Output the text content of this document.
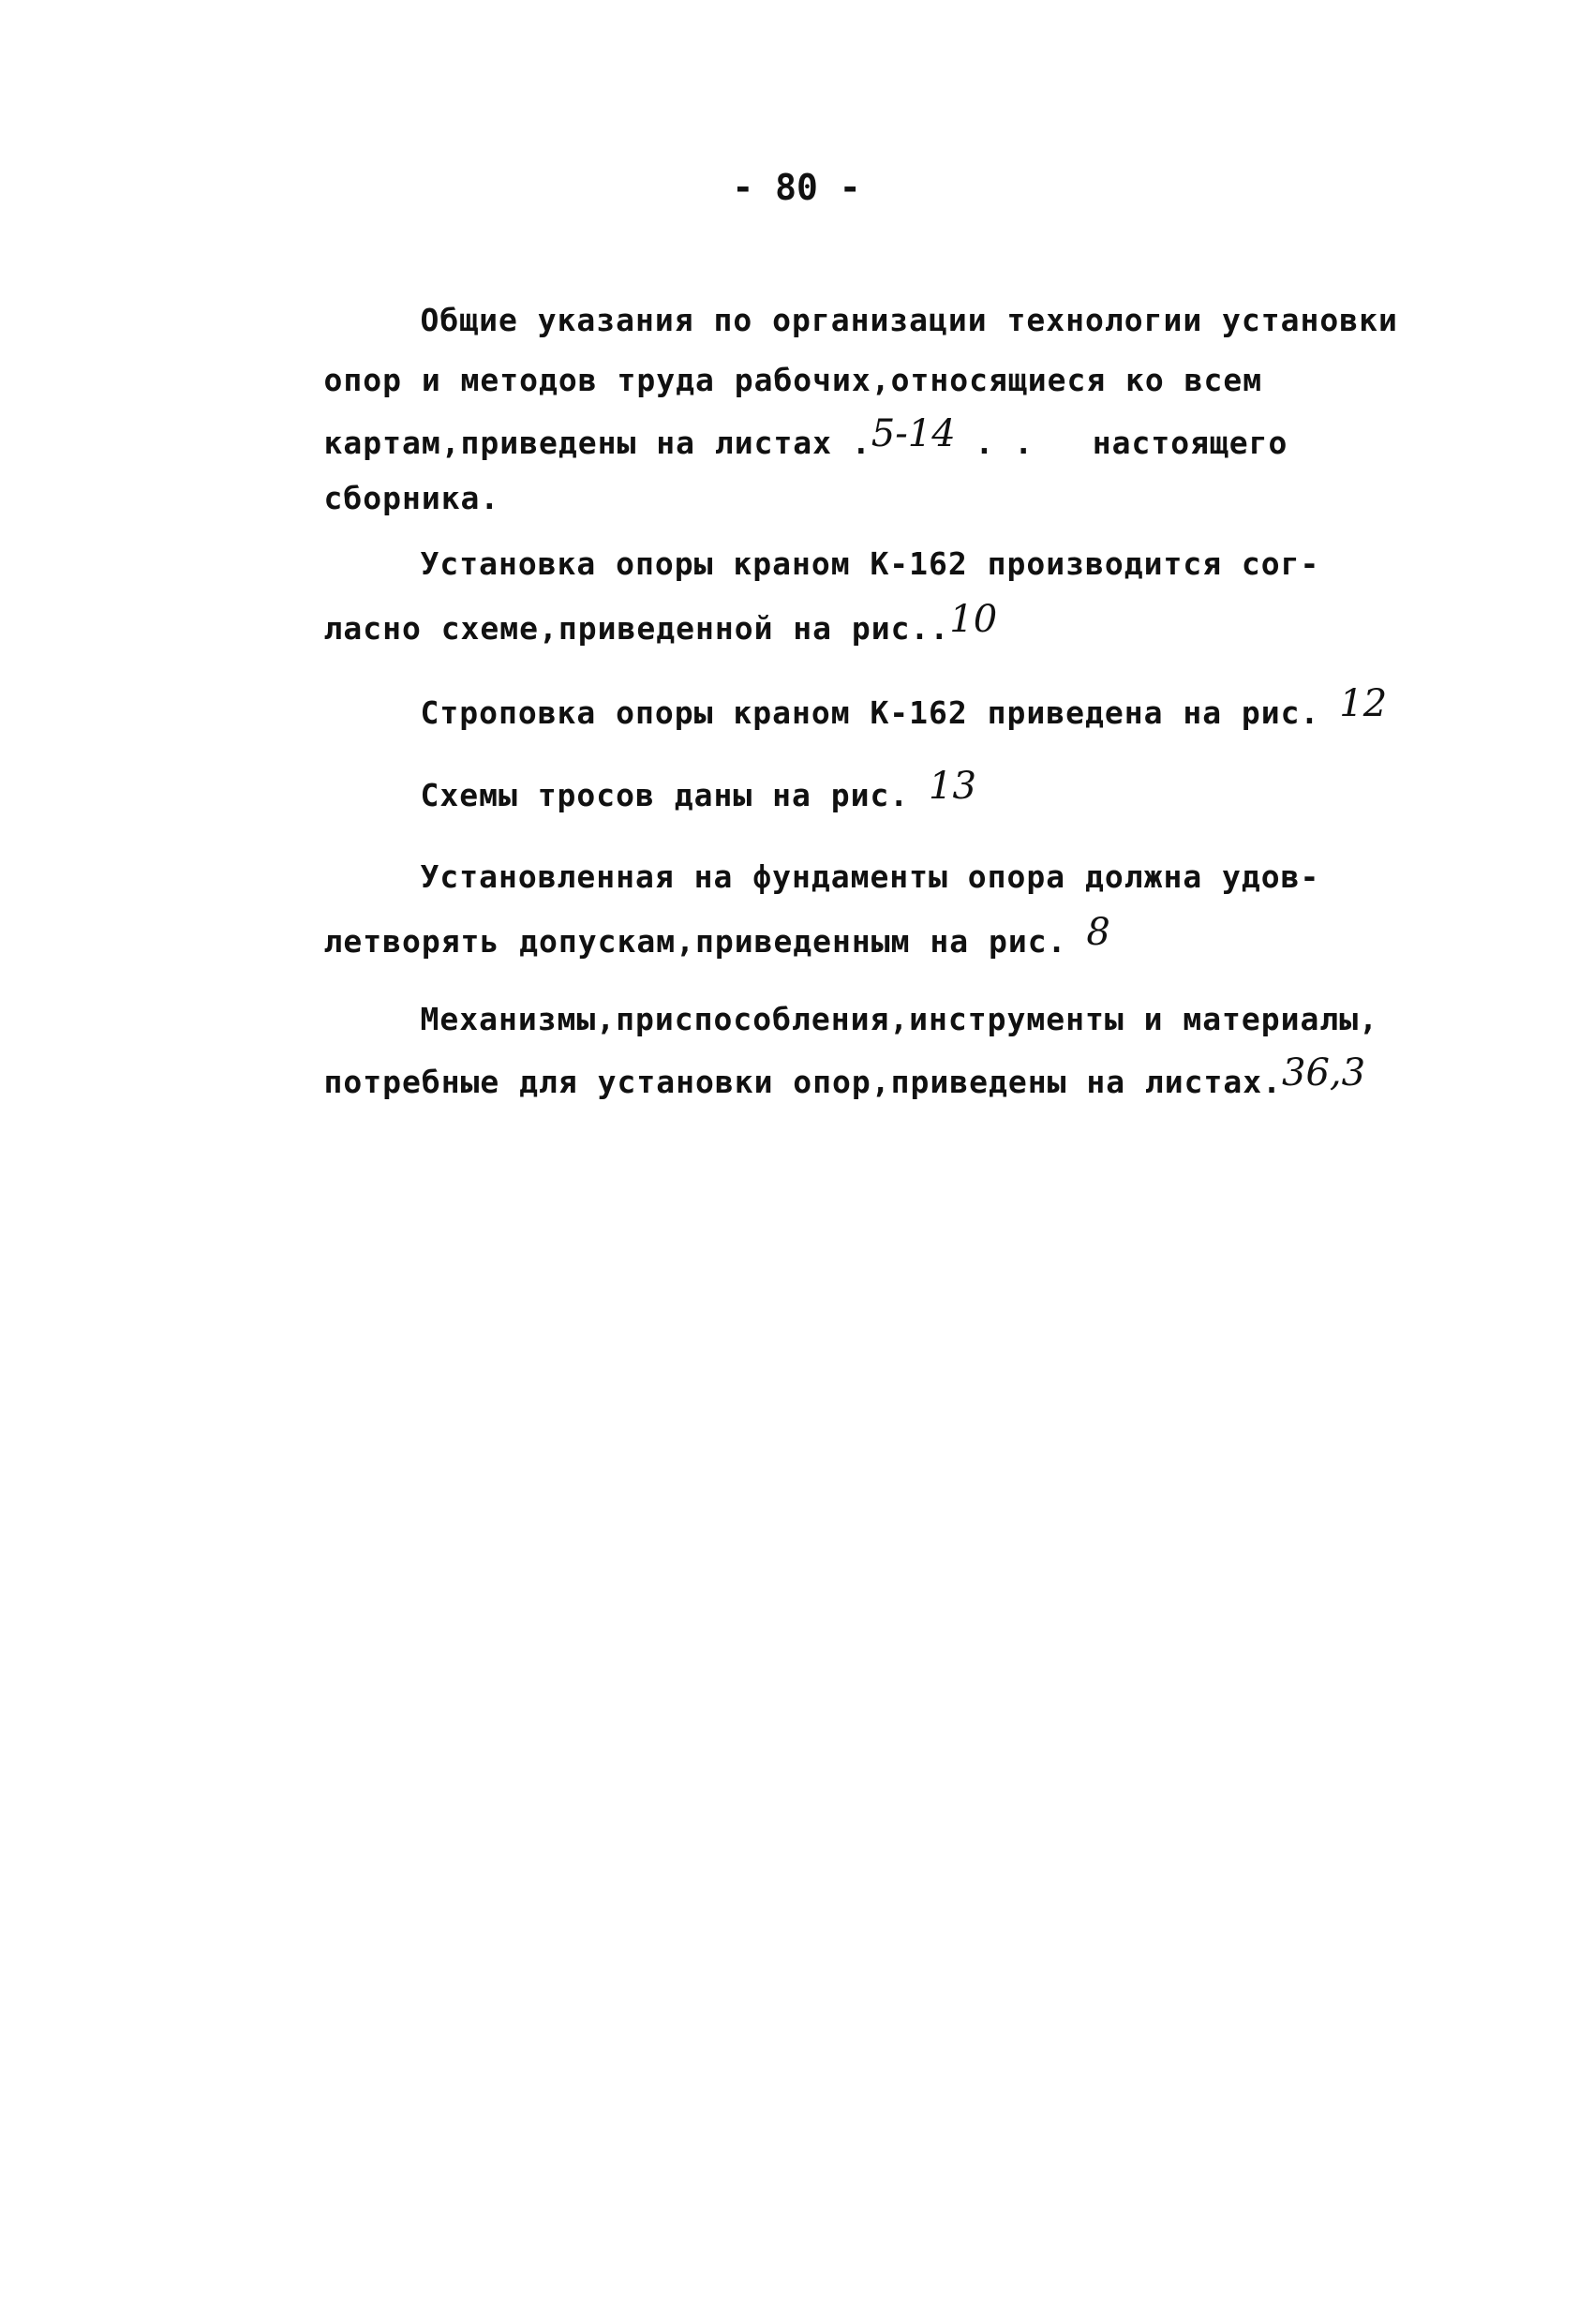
- 80 -

Общие указания по организации технологии установки

опор и методов труда рабочих,относящиеся ко всем

картам,приведены на листах .5-14 . .   настоящего

сборника.

Установка опоры краном К-162 производится сог-

ласно схеме,приведенной на рис..10

Строповка опоры краном К-162 приведена на рис. 12

Схемы тросов даны на рис. 13

Установленная на фундаменты опора должна удов-

летворять допускам,приведенным на рис. 8

Механизмы,приспособления,инструменты и материалы,

потребные для установки опор,приведены на листах.36,3
